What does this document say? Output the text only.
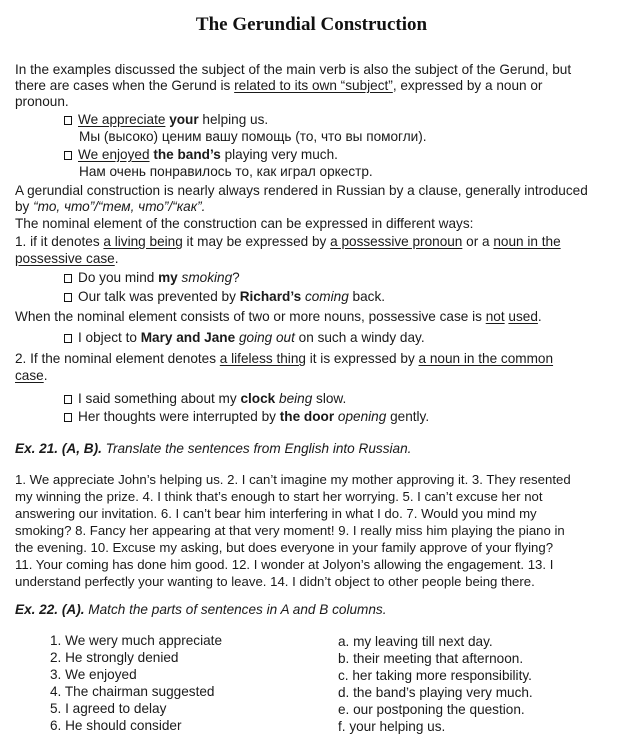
The Gerundial Construction
In the examples discussed the subject of the main verb is also the subject of the Gerund, but
there are cases when the Gerund is related to its own “subject”, expressed by a noun or
pronoun.
We appreciate your helping us.
Мы (высоко) ценим вашу помощь (то, что вы помогли).
We enjoyed the band’s playing very much.
Нам очень понравилось то, как играл оркестр.
A gerundial construction is nearly always rendered in Russian by a clause, generally introduced
by “то, что”/“тем, что”/“как”.
The nominal element of the construction can be expressed in different ways:
1. if it denotes a living being it may be expressed by a possessive pronoun or a noun in the
possessive case.
Do you mind my smoking?
Our talk was prevented by Richard’s coming back.
When the nominal element consists of two or more nouns, possessive case is not used.
I object to Mary and Jane going out on such a windy day.
2. If the nominal element denotes a lifeless thing it is expressed by a noun in the common
case.
I said something about my clock being slow.
Her thoughts were interrupted by the door opening gently.
Ex. 21. (A, B). Translate the sentences from English into Russian.
1. We appreciate John’s helping us. 2. I can’t imagine my mother approving it. 3. They resented
my winning the prize. 4. I think that’s enough to start her worrying. 5. I can’t excuse her not
answering our invitation. 6. I can’t bear him interfering in what I do. 7. Would you mind my
smoking? 8. Fancy her appearing at that very moment! 9. I really miss him playing the piano in
the evening. 10. Excuse my asking, but does everyone in your family approve of your flying?
11. Your coming has done him good. 12. I wonder at Jolyon’s allowing the engagement. 13. I
understand perfectly your wanting to leave. 14. I didn’t object to other people being there.
Ex. 22. (A). Match the parts of sentences in A and B columns.
1. We wery much appreciate
2. He strongly denied
3. We enjoyed
4. The chairman suggested
5. I agreed to delay
6. He should consider
a. my leaving till next day.
b. their meeting that afternoon.
c. her taking more responsibility.
d. the band’s playing very much.
e. our postponing the question.
f. your helping us.
